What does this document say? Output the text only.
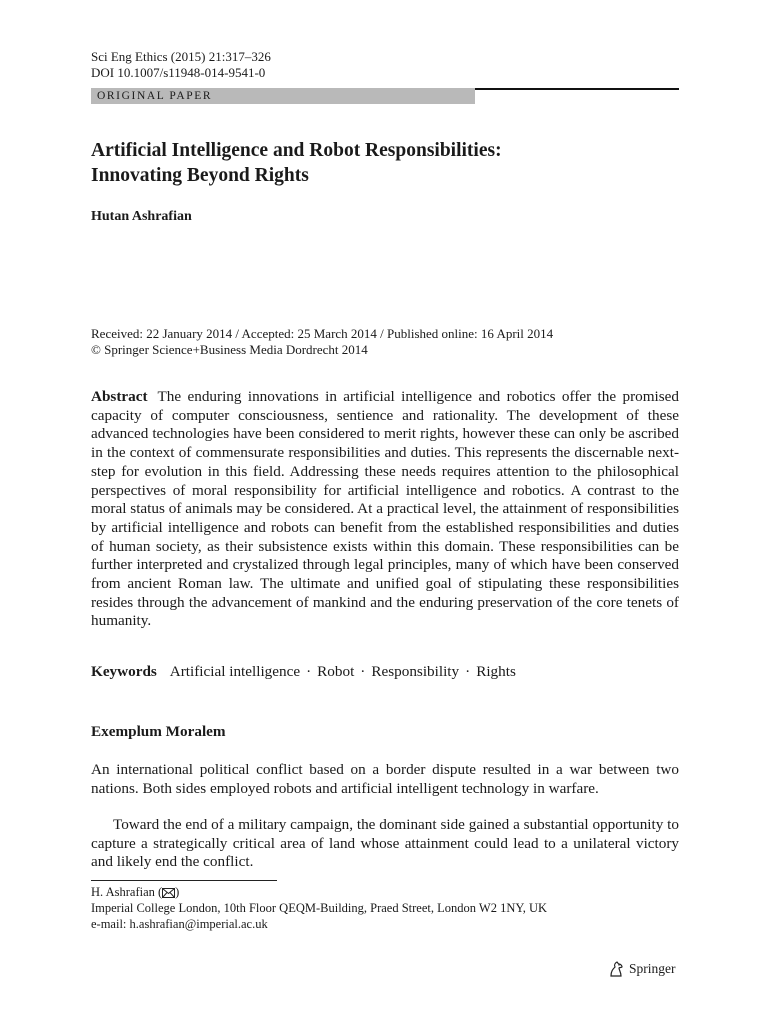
Sci Eng Ethics (2015) 21:317–326
DOI 10.1007/s11948-014-9541-0
ORIGINAL PAPER
Artificial Intelligence and Robot Responsibilities:
Innovating Beyond Rights
Hutan Ashrafian
Received: 22 January 2014 / Accepted: 25 March 2014 / Published online: 16 April 2014
© Springer Science+Business Media Dordrecht 2014
Abstract The enduring innovations in artificial intelligence and robotics offer the promised capacity of computer consciousness, sentience and rationality. The development of these advanced technologies have been considered to merit rights, however these can only be ascribed in the context of commensurate responsibilities and duties. This represents the discernable next-step for evolution in this field. Addressing these needs requires attention to the philosophical perspectives of moral responsibility for artificial intelligence and robotics. A contrast to the moral status of animals may be considered. At a practical level, the attainment of responsibilities by artificial intelligence and robots can benefit from the established responsibilities and duties of human society, as their subsistence exists within this domain. These responsibilities can be further interpreted and crystalized through legal principles, many of which have been conserved from ancient Roman law. The ultimate and unified goal of stipulating these responsibilities resides through the advancement of mankind and the enduring preservation of the core tenets of humanity.
Keywords Artificial intelligence · Robot · Responsibility · Rights
Exemplum Moralem
An international political conflict based on a border dispute resulted in a war between two nations. Both sides employed robots and artificial intelligent technology in warfare.
Toward the end of a military campaign, the dominant side gained a substantial opportunity to capture a strategically critical area of land whose attainment could lead to a unilateral victory and likely end the conflict.
H. Ashrafian ( )
Imperial College London, 10th Floor QEQM-Building, Praed Street, London W2 1NY, UK
e-mail: h.ashrafian@imperial.ac.uk
Springer
